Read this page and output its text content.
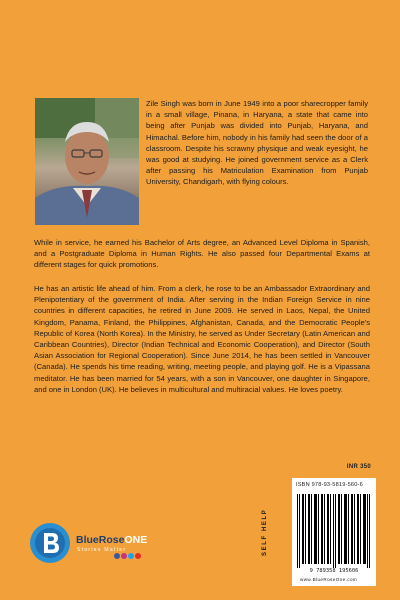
Zile Singh was born in June 1949 into a poor sharecropper family in a small village, Pinana, in Haryana, a state that came into being after Punjab was divided into Punjab, Haryana, and Himachal. Before him, nobody in his family had seen the door of a classroom. Despite his scrawny physique and weak eyesight, he was good at studying. He joined government service as a Clerk after passing his Matriculation Examination from Punjab University, Chandigarh, with flying colours.

While in service, he earned his Bachelor of Arts degree, an Advanced Level Diploma in Spanish, and a Postgraduate Diploma in Human Rights. He also passed four Departmental Exams at different stages for quick promotions.

He has an artistic life ahead of him. From a clerk, he rose to be an Ambassador Extraordinary and Plenipotentiary of the government of India. After serving in the Indian Foreign Service in nine countries in different capacities, he retired in June 2009. He served in Laos, Nepal, the United Kingdom, Panama, Finland, the Philippines, Afghanistan, Canada, and the Democratic People's Republic of Korea (North Korea). In the Ministry, he served as Under Secretary (Latin American and Caribbean Countries), Director (Indian Technical and Economic Cooperation), and Director (South Asian Association for Regional Cooperation). Since June 2014, he has been settled in Vancouver (Canada). He spends his time reading, writing, meeting people, and playing golf. He is a Vipassana meditator. He has been married for 54 years, with a son in Vancouver, one daughter in Singapore, and one in London (UK). He believes in multicultural and multiracial values. He loves poetry.

INR 350
ISBN 978-93-5819-560-6
9 789358 195606
www.BlueRoseOne.com
SELF HELP
BlueRoseONE
Stories Matter
